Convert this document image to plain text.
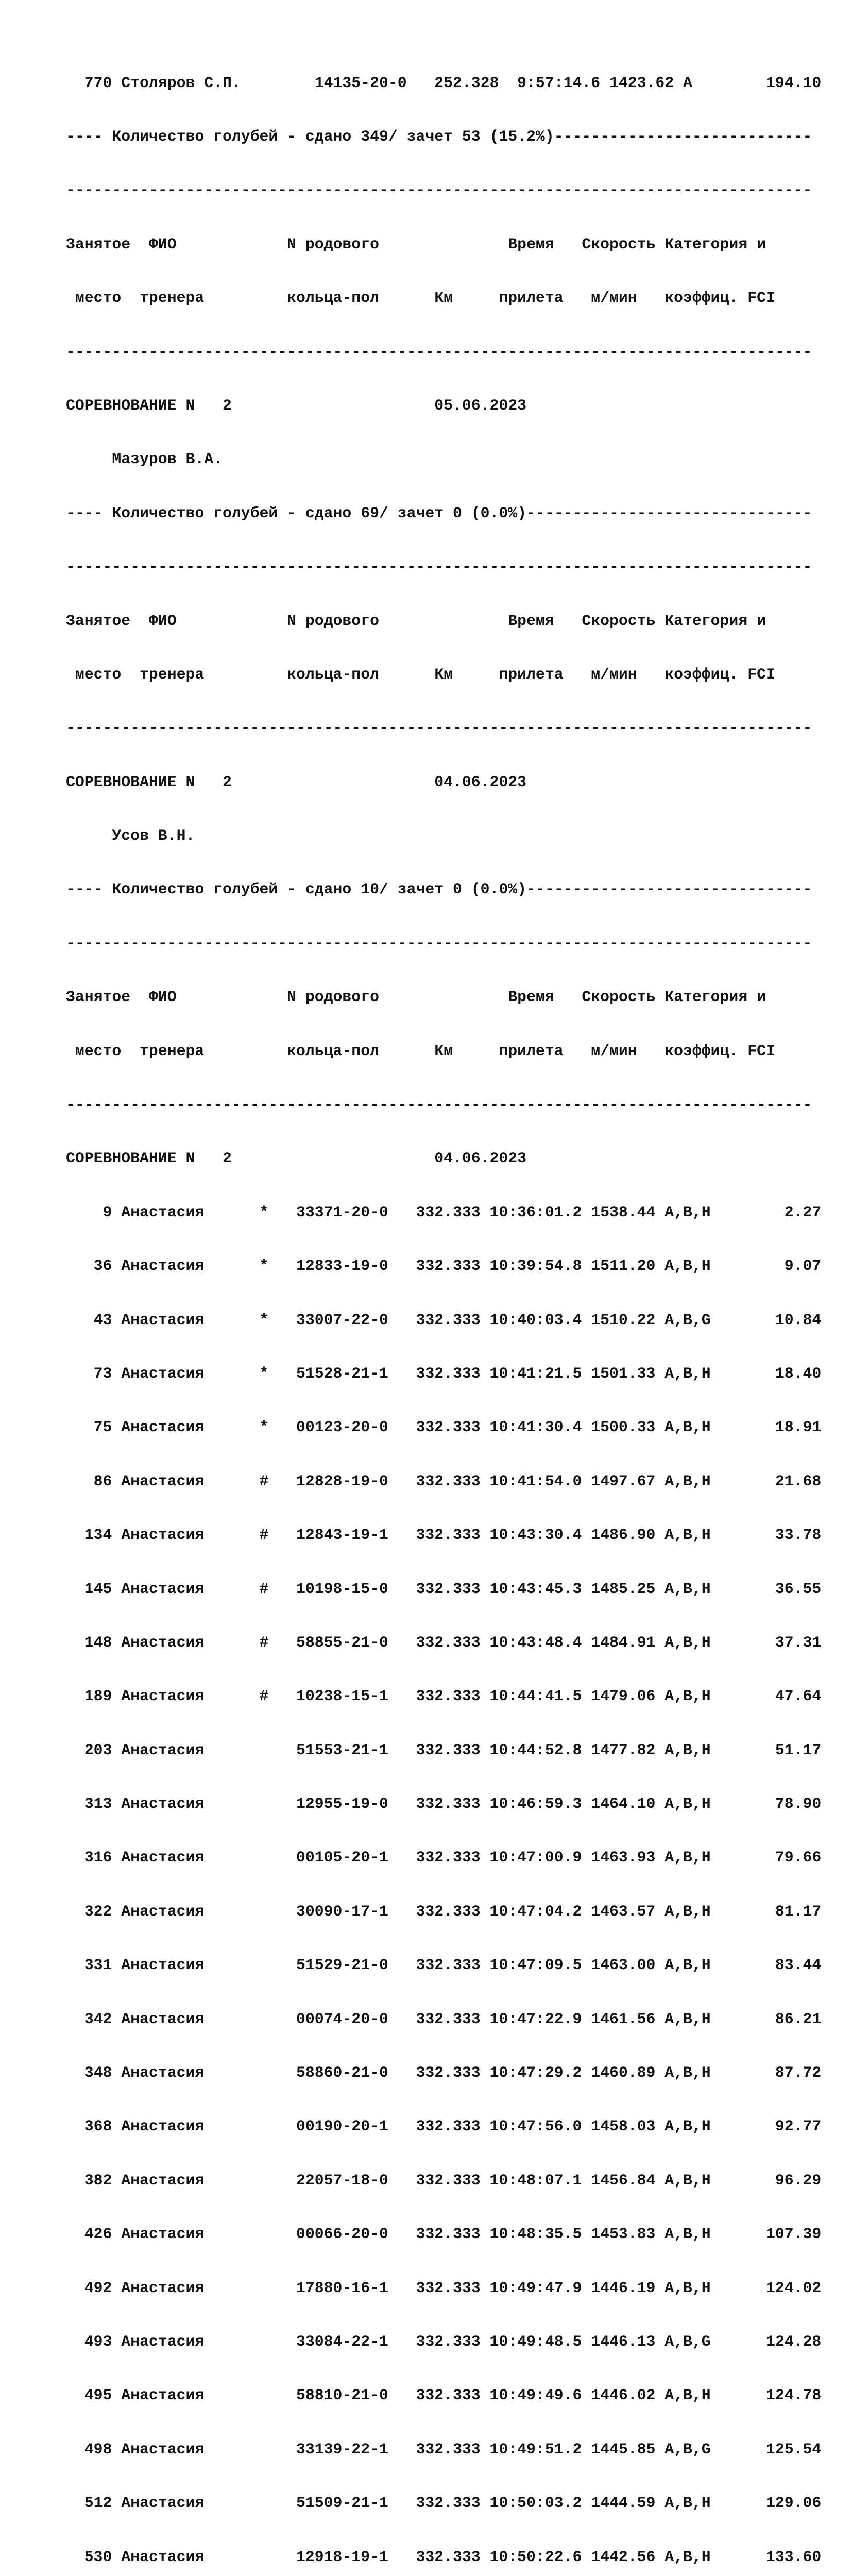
770 Столяров С.П.        14135-20-0   252.328  9:57:14.6 1423.62 A        194.10

---- Количество голубей - сдано 349/ зачет 53 (15.2%)----------------------------

---------------------------------------------------------------------------------

Занятое  ФИО            N родового              Время   Скорость Категория и

место  тренера         кольца-пол      Км     прилета   м/мин   коэффиц. FCI

---------------------------------------------------------------------------------

СОРЕВНОВАНИЕ N   2                      05.06.2023

Мазуров В.А.

---- Количество голубей - сдано 69/ зачет 0 (0.0%)-------------------------------

---------------------------------------------------------------------------------

Занятое  ФИО            N родового              Время   Скорость Категория и

место  тренера         кольца-пол      Км     прилета   м/мин   коэффиц. FCI

---------------------------------------------------------------------------------

СОРЕВНОВАНИЕ N   2                      04.06.2023

Усов В.Н.

---- Количество голубей - сдано 10/ зачет 0 (0.0%)-------------------------------

---------------------------------------------------------------------------------

Занятое  ФИО            N родового              Время   Скорость Категория и

место  тренера         кольца-пол      Км     прилета   м/мин   коэффиц. FCI

---------------------------------------------------------------------------------

СОРЕВНОВАНИЕ N   2                      04.06.2023

9 Анастасия      *   33371-20-0   332.333 10:36:01.2 1538.44 A,B,H        2.27

36 Анастасия      *   12833-19-0   332.333 10:39:54.8 1511.20 A,B,H        9.07

43 Анастасия      *   33007-22-0   332.333 10:40:03.4 1510.22 A,B,G       10.84

73 Анастасия      *   51528-21-1   332.333 10:41:21.5 1501.33 A,B,H       18.40

75 Анастасия      *   00123-20-0   332.333 10:41:30.4 1500.33 A,B,H       18.91

86 Анастасия      #   12828-19-0   332.333 10:41:54.0 1497.67 A,B,H       21.68

134 Анастасия      #   12843-19-1   332.333 10:43:30.4 1486.90 A,B,H       33.78

145 Анастасия      #   10198-15-0   332.333 10:43:45.3 1485.25 A,B,H       36.55

148 Анастасия      #   58855-21-0   332.333 10:43:48.4 1484.91 A,B,H       37.31

189 Анастасия      #   10238-15-1   332.333 10:44:41.5 1479.06 A,B,H       47.64

203 Анастасия          51553-21-1   332.333 10:44:52.8 1477.82 A,B,H       51.17

313 Анастасия          12955-19-0   332.333 10:46:59.3 1464.10 A,B,H       78.90

316 Анастасия          00105-20-1   332.333 10:47:00.9 1463.93 A,B,H       79.66

322 Анастасия          30090-17-1   332.333 10:47:04.2 1463.57 A,B,H       81.17

331 Анастасия          51529-21-0   332.333 10:47:09.5 1463.00 A,B,H       83.44

342 Анастасия          00074-20-0   332.333 10:47:22.9 1461.56 A,B,H       86.21

348 Анастасия          58860-21-0   332.333 10:47:29.2 1460.89 A,B,H       87.72

368 Анастасия          00190-20-1   332.333 10:47:56.0 1458.03 A,B,H       92.77

382 Анастасия          22057-18-0   332.333 10:48:07.1 1456.84 A,B,H       96.29

426 Анастасия          00066-20-0   332.333 10:48:35.5 1453.83 A,B,H      107.39

492 Анастасия          17880-16-1   332.333 10:49:47.9 1446.19 A,B,H      124.02

493 Анастасия          33084-22-1   332.333 10:49:48.5 1446.13 A,B,G      124.28

495 Анастасия          58810-21-0   332.333 10:49:49.6 1446.02 A,B,H      124.78

498 Анастасия          33139-22-1   332.333 10:49:51.2 1445.85 A,B,G      125.54

512 Анастасия          51509-21-1   332.333 10:50:03.2 1444.59 A,B,H      129.06

530 Анастасия          12918-19-1   332.333 10:50:22.6 1442.56 A,B,H      133.60
